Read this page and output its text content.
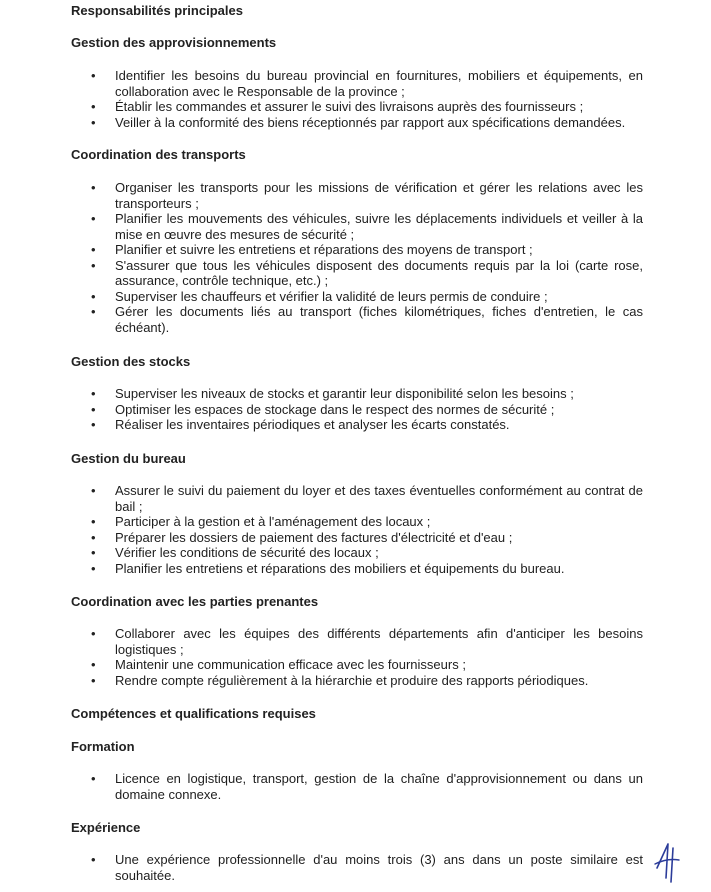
Responsabilités principales
Gestion des approvisionnements
• Identifier les besoins du bureau provincial en fournitures, mobiliers et équipements, en collaboration avec le Responsable de la province ;
• Établir les commandes et assurer le suivi des livraisons auprès des fournisseurs ;
• Veiller à la conformité des biens réceptionnés par rapport aux spécifications demandées.
Coordination des transports
• Organiser les transports pour les missions de vérification et gérer les relations avec les transporteurs ;
• Planifier les mouvements des véhicules, suivre les déplacements individuels et veiller à la mise en œuvre des mesures de sécurité ;
• Planifier et suivre les entretiens et réparations des moyens de transport ;
• S'assurer que tous les véhicules disposent des documents requis par la loi (carte rose, assurance, contrôle technique, etc.) ;
• Superviser les chauffeurs et vérifier la validité de leurs permis de conduire ;
• Gérer les documents liés au transport (fiches kilométriques, fiches d'entretien, le cas échéant).
Gestion des stocks
• Superviser les niveaux de stocks et garantir leur disponibilité selon les besoins ;
• Optimiser les espaces de stockage dans le respect des normes de sécurité ;
• Réaliser les inventaires périodiques et analyser les écarts constatés.
Gestion du bureau
• Assurer le suivi du paiement du loyer et des taxes éventuelles conformément au contrat de bail ;
• Participer à la gestion et à l'aménagement des locaux ;
• Préparer les dossiers de paiement des factures d'électricité et d'eau ;
• Vérifier les conditions de sécurité des locaux ;
• Planifier les entretiens et réparations des mobiliers et équipements du bureau.
Coordination avec les parties prenantes
• Collaborer avec les équipes des différents départements afin d'anticiper les besoins logistiques ;
• Maintenir une communication efficace avec les fournisseurs ;
• Rendre compte régulièrement à la hiérarchie et produire des rapports périodiques.
Compétences et qualifications requises
Formation
• Licence en logistique, transport, gestion de la chaîne d'approvisionnement ou dans un domaine connexe.
Expérience
• Une expérience professionnelle d'au moins trois (3) ans dans un poste similaire est souhaitée.
